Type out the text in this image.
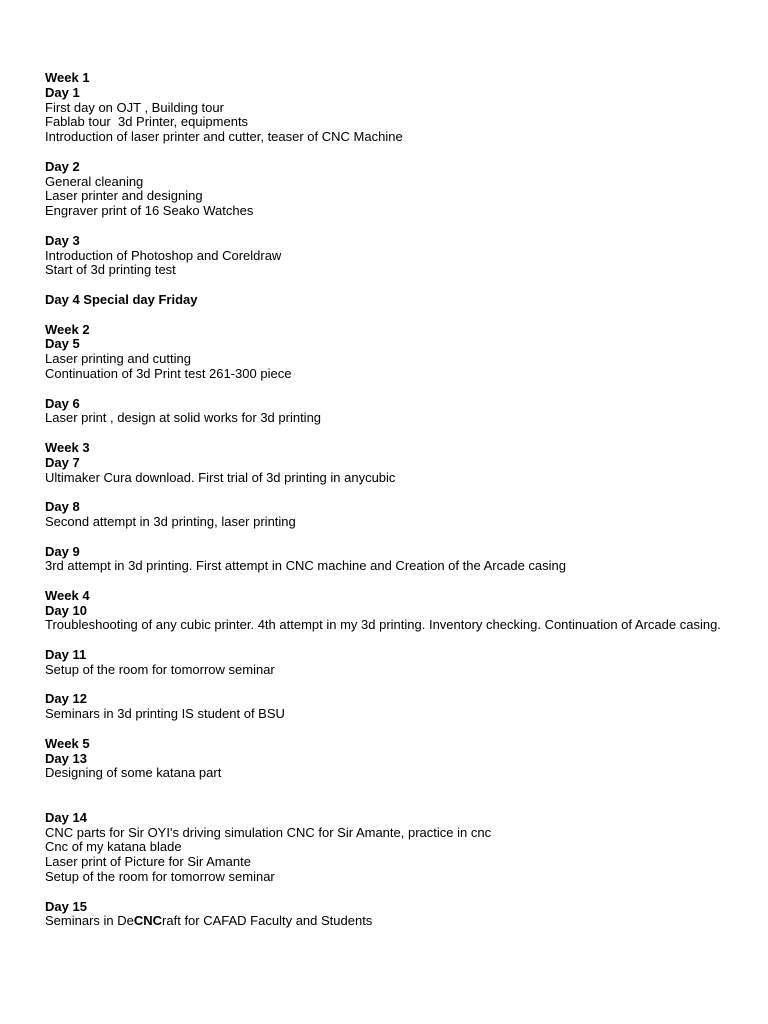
Week 1
Day 1
First day on OJT , Building tour
Fablab tour  3d Printer, equipments
Introduction of laser printer and cutter, teaser of CNC Machine
Day 2
General cleaning
Laser printer and designing
Engraver print of 16 Seako Watches
Day 3
Introduction of Photoshop and Coreldraw
Start of 3d printing test
Day 4 Special day Friday
Week 2
Day 5
Laser printing and cutting
Continuation of 3d Print test 261-300 piece
Day 6
Laser print , design at solid works for 3d printing
Week 3
Day 7
Ultimaker Cura download. First trial of 3d printing in anycubic
Day 8
Second attempt in 3d printing, laser printing
Day 9
3rd attempt in 3d printing. First attempt in CNC machine and Creation of the Arcade casing
Week 4
Day 10
Troubleshooting of any cubic printer. 4th attempt in my 3d printing. Inventory checking. Continuation of Arcade casing.
Day 11
Setup of the room for tomorrow seminar
Day 12
Seminars in 3d printing IS student of BSU
Week 5
Day 13
Designing of some katana part
Day 14
CNC parts for Sir OYI's driving simulation CNC for Sir Amante, practice in cnc
Cnc of my katana blade
Laser print of Picture for Sir Amante
Setup of the room for tomorrow seminar
Day 15
Seminars in DeCNCraft for CAFAD Faculty and Students
